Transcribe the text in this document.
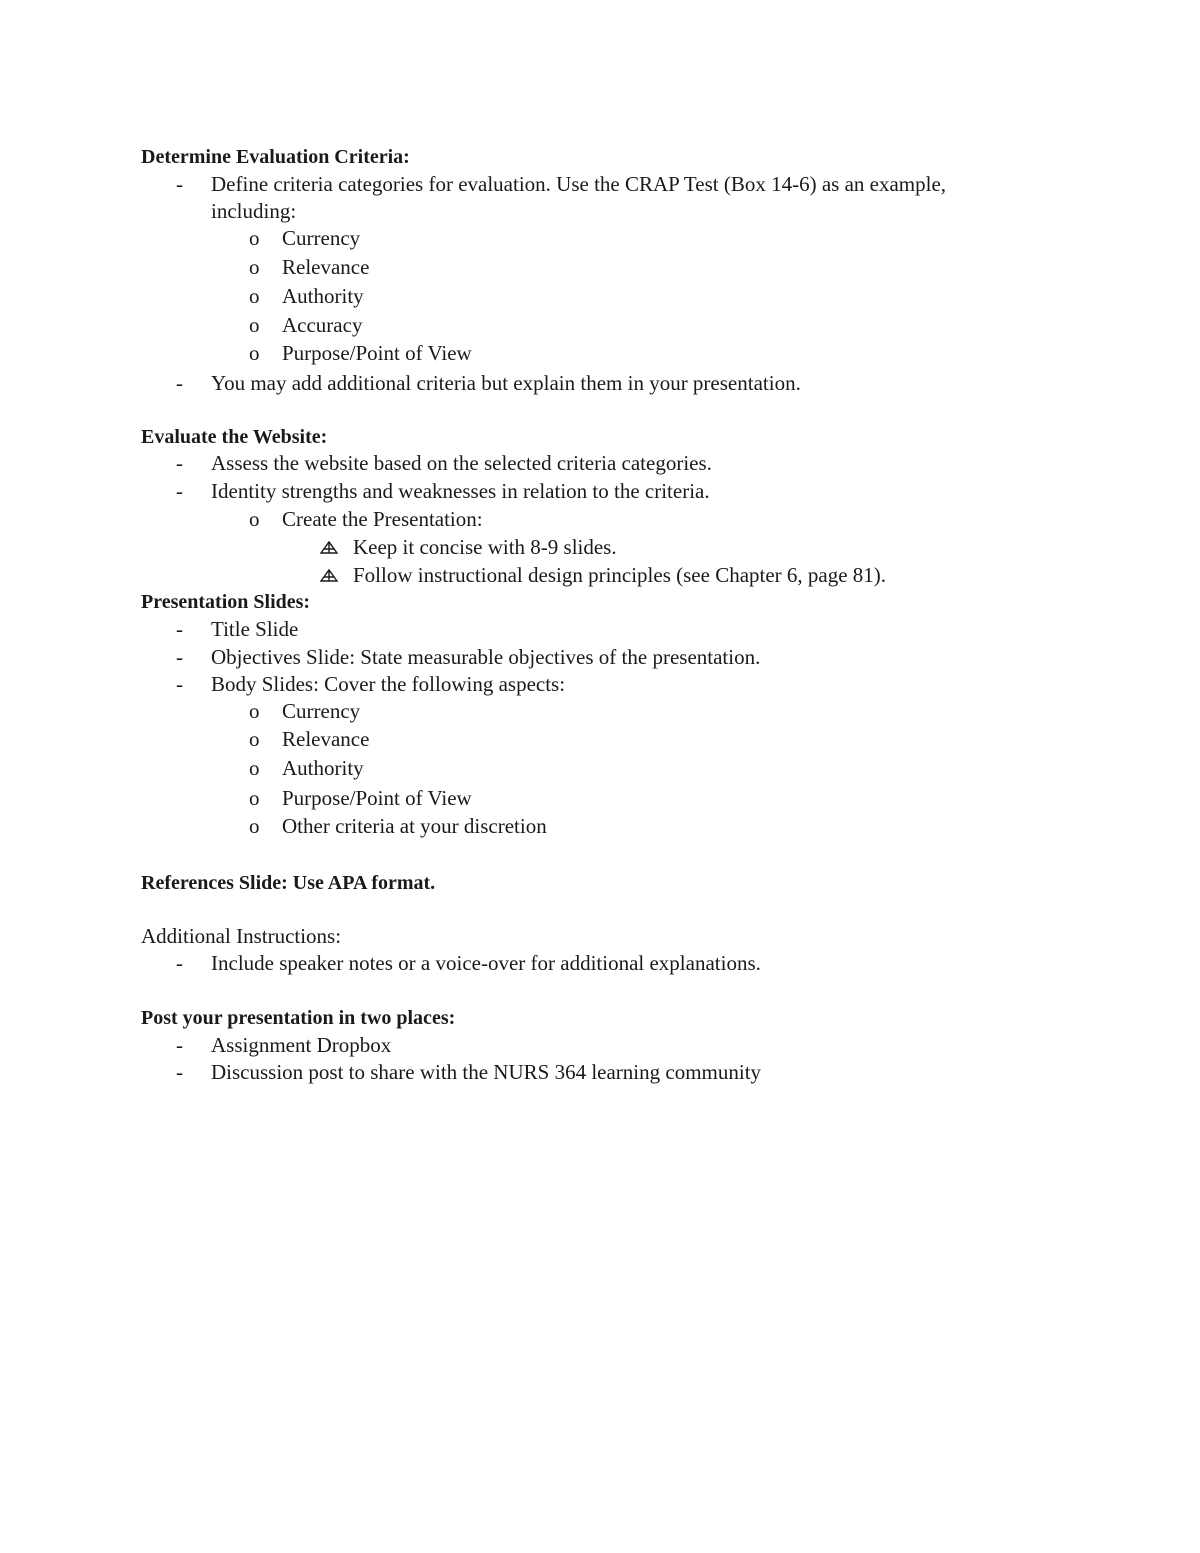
Determine Evaluation Criteria:
- Define criteria categories for evaluation. Use the CRAP Test (Box 14-6) as an example,
including:
o Currency
o Relevance
o Authority
o Accuracy
o Purpose/Point of View
- You may add additional criteria but explain them in your presentation.
Evaluate the Website:
- Assess the website based on the selected criteria categories.
- Identity strengths and weaknesses in relation to the criteria.
o Create the Presentation:
Keep it concise with 8-9 slides.
Follow instructional design principles (see Chapter 6, page 81).
Presentation Slides:
- Title Slide
- Objectives Slide: State measurable objectives of the presentation.
- Body Slides: Cover the following aspects:
o Currency
o Relevance
o Authority
o Purpose/Point of View
o Other criteria at your discretion
References Slide: Use APA format.
Additional Instructions:
- Include speaker notes or a voice-over for additional explanations.
Post your presentation in two places:
- Assignment Dropbox
- Discussion post to share with the NURS 364 learning community
